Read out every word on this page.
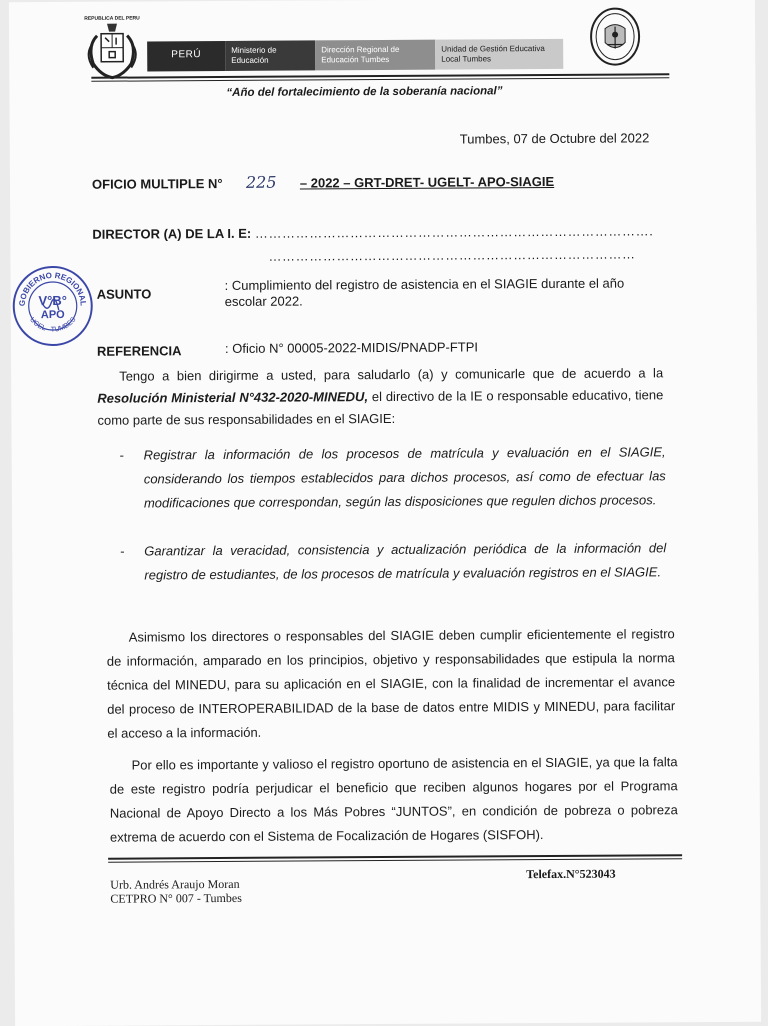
REPUBLICA DEL PERU
PERÚ	Ministerio de Educación
Dirección Regional de Educación Tumbes
Unidad de Gestión Educativa Local Tumbes
“Año del fortalecimiento de la soberanía nacional”
Tumbes, 07 de Octubre del 2022
OFICIO MULTIPLE N° 225 – 2022 – GRT-DRET- UGELT- APO-SIAGIE
DIRECTOR (A) DE LA I. E: …………………………………………………………………………….
………………………………………………………………………
GOBIERNO REGIONAL
UGEL - TUMBES
V°B°
APO
ASUNTO
: Cumplimiento del registro de asistencia en el SIAGIE durante el año escolar 2022.
REFERENCIA	: Oficio N° 00005-2022-MIDIS/PNADP-FTPI
Tengo a bien dirigirme a usted, para saludarlo (a) y comunicarle que de acuerdo a la Resolución Ministerial N°432-2020-MINEDU, el directivo de la IE o responsable educativo, tiene como parte de sus responsabilidades en el SIAGIE:
- Registrar la información de los procesos de matrícula y evaluación en el SIAGIE, considerando los tiempos establecidos para dichos procesos, así como de efectuar las modificaciones que correspondan, según las disposiciones que regulen dichos procesos.
- Garantizar la veracidad, consistencia y actualización periódica de la información del registro de estudiantes, de los procesos de matrícula y evaluación registros en el SIAGIE.
Asimismo los directores o responsables del SIAGIE deben cumplir eficientemente el registro de información, amparado en los principios, objetivo y responsabilidades que estipula la norma técnica del MINEDU, para su aplicación en el SIAGIE, con la finalidad de incrementar el avance del proceso de INTEROPERABILIDAD de la base de datos entre MIDIS y MINEDU, para facilitar el acceso a la información.
Por ello es importante y valioso el registro oportuno de asistencia en el SIAGIE, ya que la falta de este registro podría perjudicar el beneficio que reciben algunos hogares por el Programa Nacional de Apoyo Directo a los Más Pobres “JUNTOS”, en condición de pobreza o pobreza extrema de acuerdo con el Sistema de Focalización de Hogares (SISFOH).
Urb. Andrés Araujo Moran
CETPRO N° 007 - Tumbes
Telefax.N°523043
